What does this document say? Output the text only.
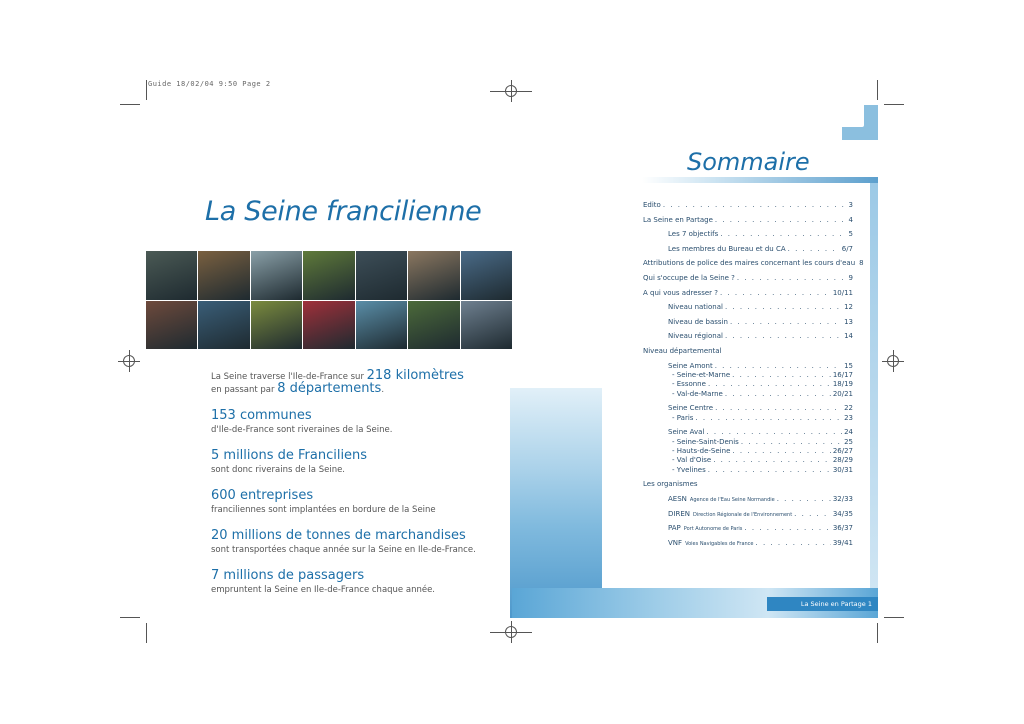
Guide 18/02/04 9:50 Page 2
La Seine francilienne
La Seine traverse l'Ile-de-France sur 218 kilomètres
en passant par 8 départements.
153 communes
d'Ile-de-France sont riveraines de la Seine.
5 millions de Franciliens
sont donc riverains de la Seine.
600 entreprises
franciliennes sont implantées en bordure de la Seine
20 millions de tonnes de marchandises
sont transportées chaque année sur la Seine en Ile-de-France.
7 millions de passagers
empruntent la Seine en Ile-de-France chaque année.
Sommaire
Edito . . .	3
La Seine en Partage . . .	4
Les 7 objectifs . . .	5
Les membres du Bureau et du CA . . .	6/7
Attributions de police des maires concernant les cours d'eau 8
Qui s'occupe de la Seine ? . . .	9
A qui vous adresser ? . . .	10/11
Niveau national . . .	12
Niveau de bassin . . .	13
Niveau régional . . .	14
Niveau départemental
Seine Amont . . .	15
- Seine-et-Marne . . .	16/17
- Essonne . . .	18/19
- Val-de-Marne . . .	20/21
Seine Centre . . .	22
- Paris . . .	23
Seine Aval . . .	24
- Seine-Saint-Denis . . .	25
- Hauts-de-Seine . . .	26/27
- Val d'Oise . . .	28/29
- Yvelines . . .	30/31
Les organismes
AESN Agence de l'Eau Seine Normandie . . .	32/33
DIREN Direction Régionale de l'Environnement . . .	34/35
PAP Port Autonome de Paris . . .	36/37
VNF Voies Navigables de France . . .	39/41
La Seine en Partage 1
